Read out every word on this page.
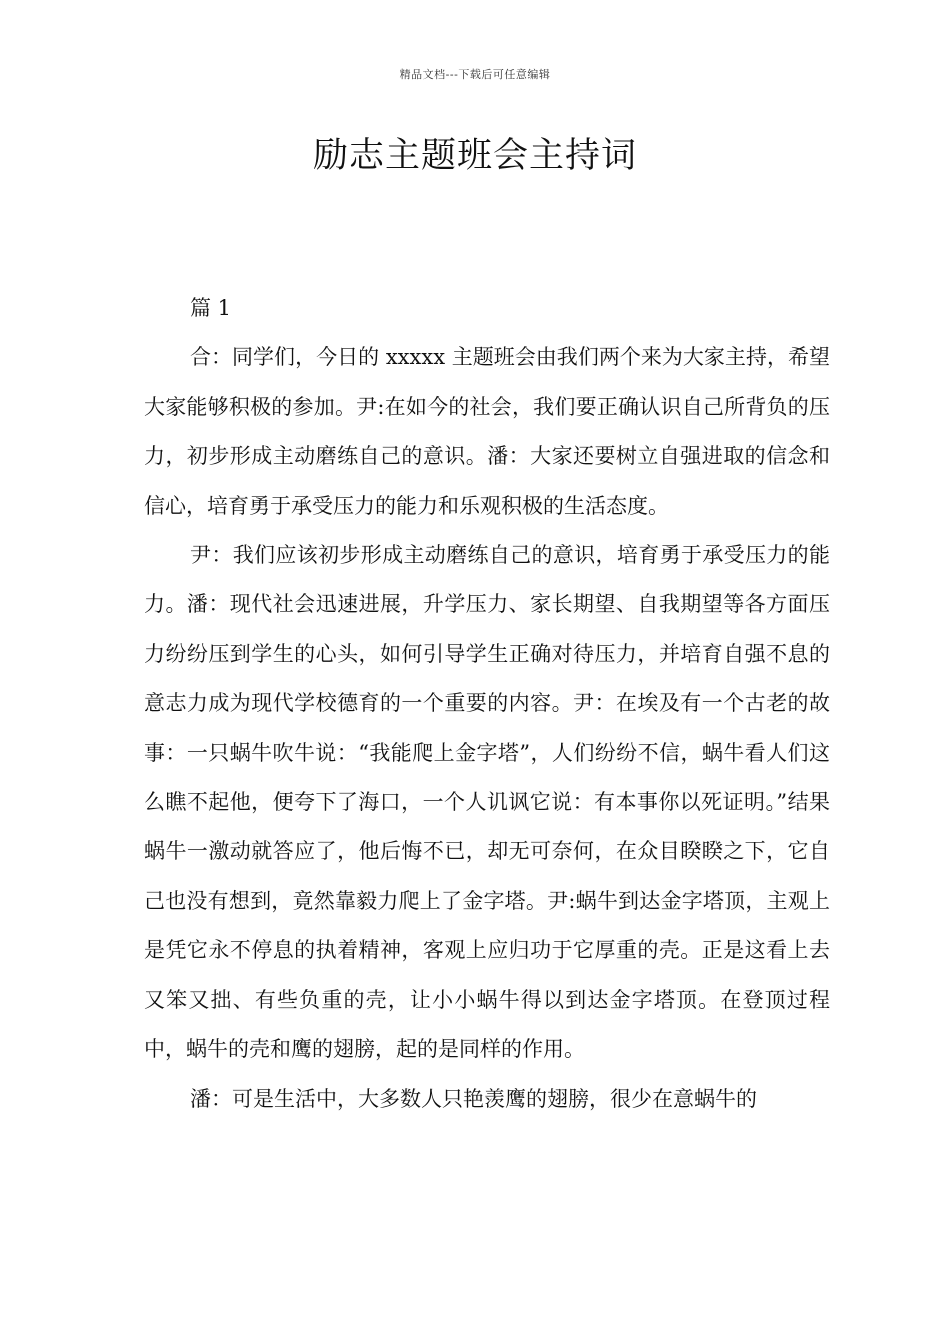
精品文档---下载后可任意编辑
励志主题班会主持词

篇 1

合：同学们，今日的 xxxxx 主题班会由我们两个来为大家主持，希望大家能够积极的参加。尹:在如今的社会，我们要正确认识自己所背负的压力，初步形成主动磨练自己的意识。潘：大家还要树立自强进取的信念和信心，培育勇于承受压力的能力和乐观积极的生活态度。

尹：我们应该初步形成主动磨练自己的意识，培育勇于承受压力的能力。潘：现代社会迅速进展，升学压力、家长期望、自我期望等各方面压力纷纷压到学生的心头，如何引导学生正确对待压力，并培育自强不息的意志力成为现代学校德育的一个重要的内容。尹：在埃及有一个古老的故事：一只蜗牛吹牛说：“我能爬上金字塔”，人们纷纷不信，蜗牛看人们这么瞧不起他，便夸下了海口，一个人讥讽它说：有本事你以死证明。”结果蜗牛一激动就答应了，他后悔不已，却无可奈何，在众目睽睽之下，它自己也没有想到，竟然靠毅力爬上了金字塔。尹:蜗牛到达金字塔顶，主观上是凭它永不停息的执着精神，客观上应归功于它厚重的壳。正是这看上去又笨又拙、有些负重的壳，让小小蜗牛得以到达金字塔顶。在登顶过程中，蜗牛的壳和鹰的翅膀，起的是同样的作用。

潘：可是生活中，大多数人只艳羡鹰的翅膀，很少在意蜗牛的
